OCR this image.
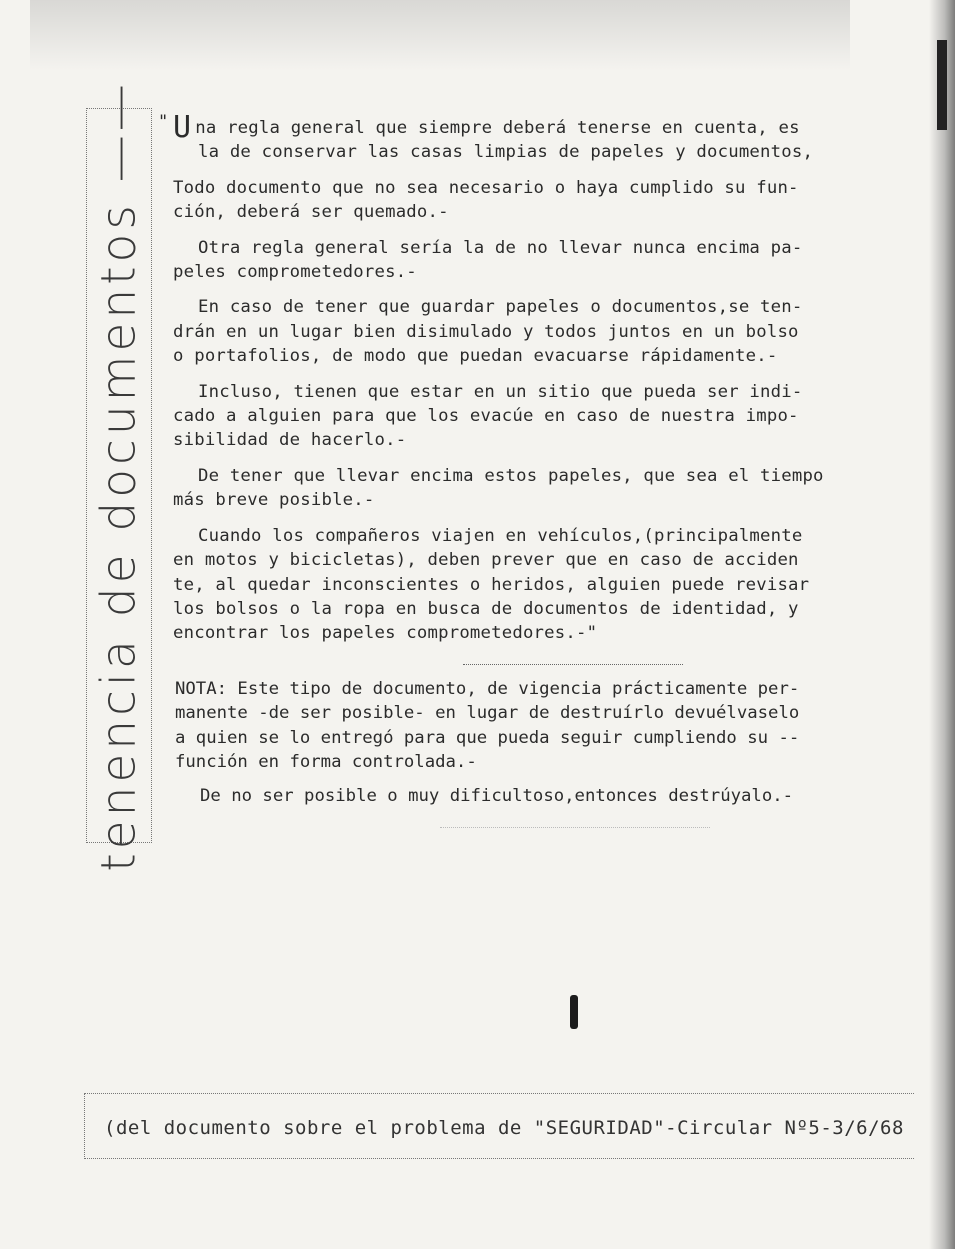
tenencia de documentos —— " Una regla general que siempre deberá tenerse en cuenta, es
la de conservar las casas limpias de papeles y documentos,
Todo documento que no sea necesario o haya cumplido su fun-
ción, deberá ser quemado.-
Otra regla general sería la de no llevar nunca encima pa-
peles comprometedores.-
En caso de tener que guardar papeles o documentos,se ten-
drán en un lugar bien disimulado y todos juntos en un bolso
o portafolios, de modo que puedan evacuarse rápidamente.-
Incluso, tienen que estar en un sitio que pueda ser indi-
cado a alguien para que los evacúe en caso de nuestra impo-
sibilidad de hacerlo.-
De tener que llevar encima estos papeles, que sea el tiempo
más breve posible.-
Cuando los compañeros viajen en vehículos,(principalmente
en motos y bicicletas), deben prever que en caso de acciden
te, al quedar inconscientes o heridos, alguien puede revisar
los bolsos o la ropa en busca de documentos de identidad, y
encontrar los papeles comprometedores.-"
NOTA: Este tipo de documento, de vigencia prácticamente per-
manente -de ser posible- en lugar de destruírlo devuélvaselo
a quien se lo entregó para que pueda seguir cumpliendo su --
función en forma controlada.-
De no ser posible o muy dificultoso,entonces destrúyalo.-
(del documento sobre el problema de "SEGURIDAD"-Circular Nº5-3/6/68
